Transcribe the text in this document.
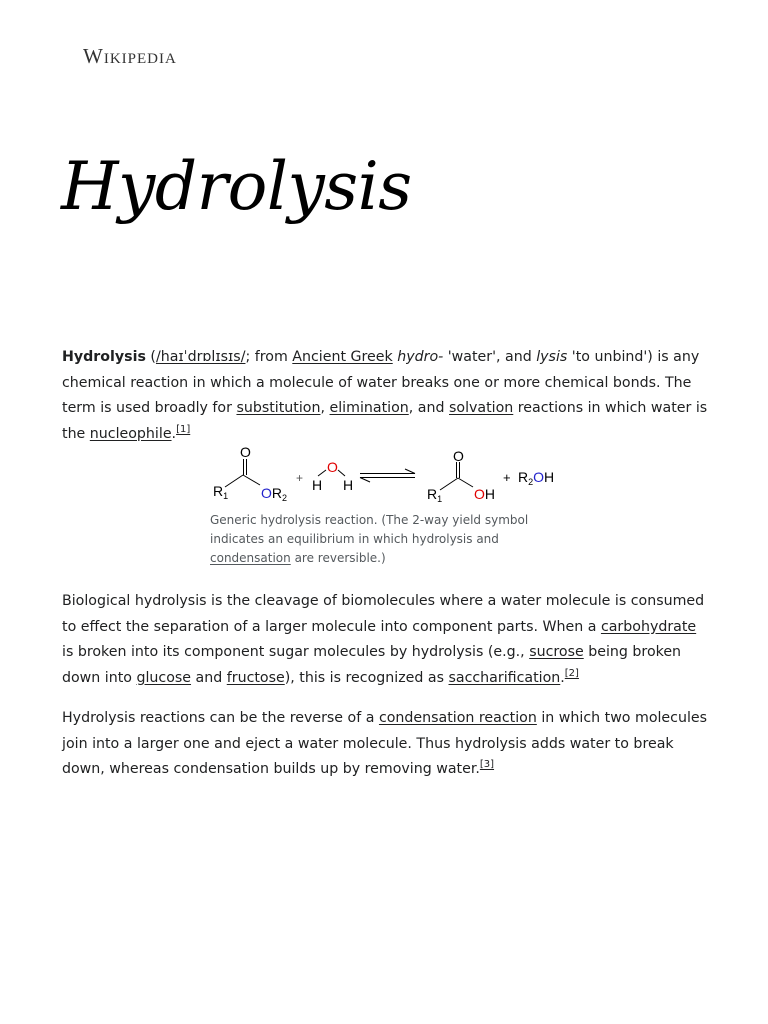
Wikipedia
Hydrolysis

Hydrolysis (/haɪˈdrɒlɪsɪs/; from Ancient Greek hydro- 'water', and lysis 'to unbind') is any chemical reaction in which a molecule of water breaks one or more chemical bonds. The term is used broadly for substitution, elimination, and solvation reactions in which water is the nucleophile.[1]

O
$R_1$ $OR_2$
+
O
H H
O
$R_1$ OH
+ $R_2OH$
Generic hydrolysis reaction. (The 2-way yield symbol indicates an equilibrium in which hydrolysis and condensation are reversible.)

Biological hydrolysis is the cleavage of biomolecules where a water molecule is consumed to effect the separation of a larger molecule into component parts. When a carbohydrate is broken into its component sugar molecules by hydrolysis (e.g., sucrose being broken down into glucose and fructose), this is recognized as saccharification.[2]

Hydrolysis reactions can be the reverse of a condensation reaction in which two molecules join into a larger one and eject a water molecule. Thus hydrolysis adds water to break down, whereas condensation builds up by removing water.[3]
